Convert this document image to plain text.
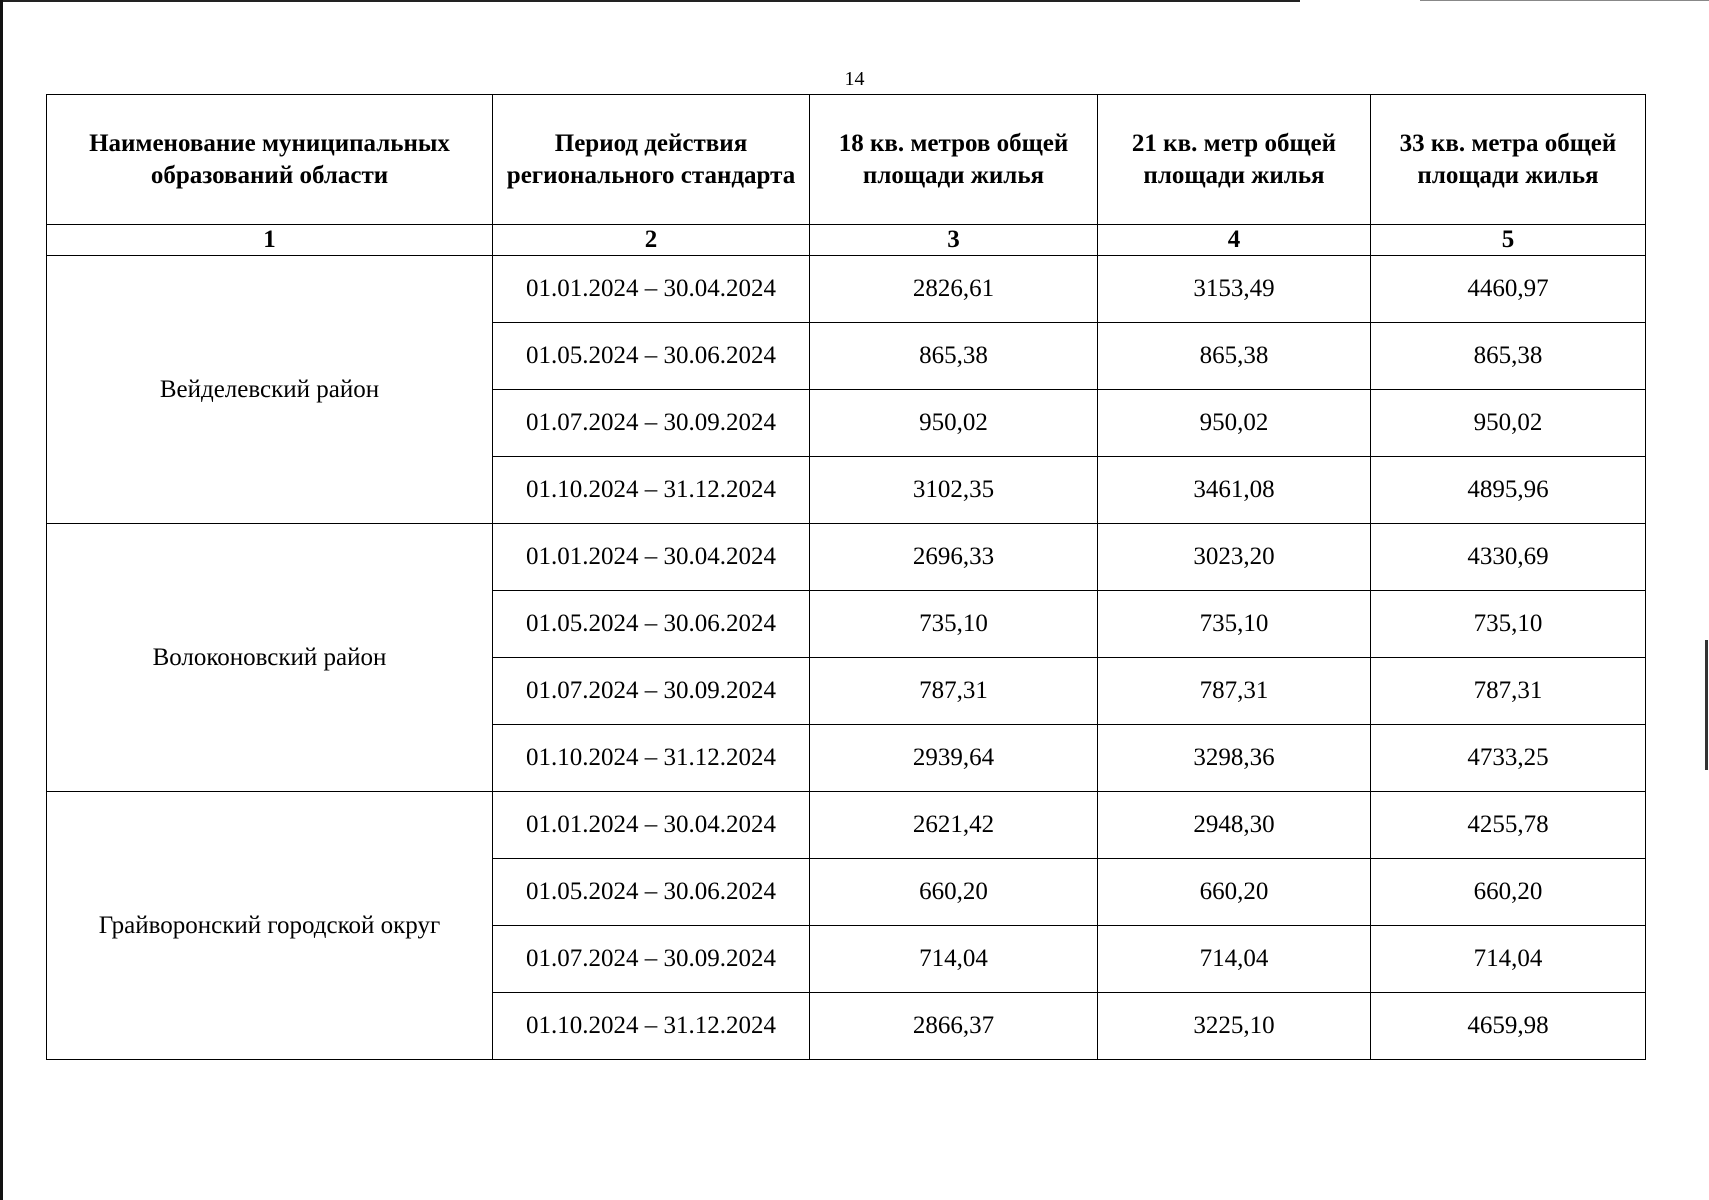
14
Наименование муниципальных образований области	Период действия регионального стандарта	18 кв. метров общей площади жилья	21 кв. метр общей площади жилья	33 кв. метра общей площади жилья
1	2	3	4	5
Вейделевский район	01.01.2024 – 30.04.2024	2826,61	3153,49	4460,97
	01.05.2024 – 30.06.2024	865,38	865,38	865,38
	01.07.2024 – 30.09.2024	950,02	950,02	950,02
	01.10.2024 – 31.12.2024	3102,35	3461,08	4895,96
Волоконовский район	01.01.2024 – 30.04.2024	2696,33	3023,20	4330,69
	01.05.2024 – 30.06.2024	735,10	735,10	735,10
	01.07.2024 – 30.09.2024	787,31	787,31	787,31
	01.10.2024 – 31.12.2024	2939,64	3298,36	4733,25
Грайворонский городской округ	01.01.2024 – 30.04.2024	2621,42	2948,30	4255,78
	01.05.2024 – 30.06.2024	660,20	660,20	660,20
	01.07.2024 – 30.09.2024	714,04	714,04	714,04
	01.10.2024 – 31.12.2024	2866,37	3225,10	4659,98
